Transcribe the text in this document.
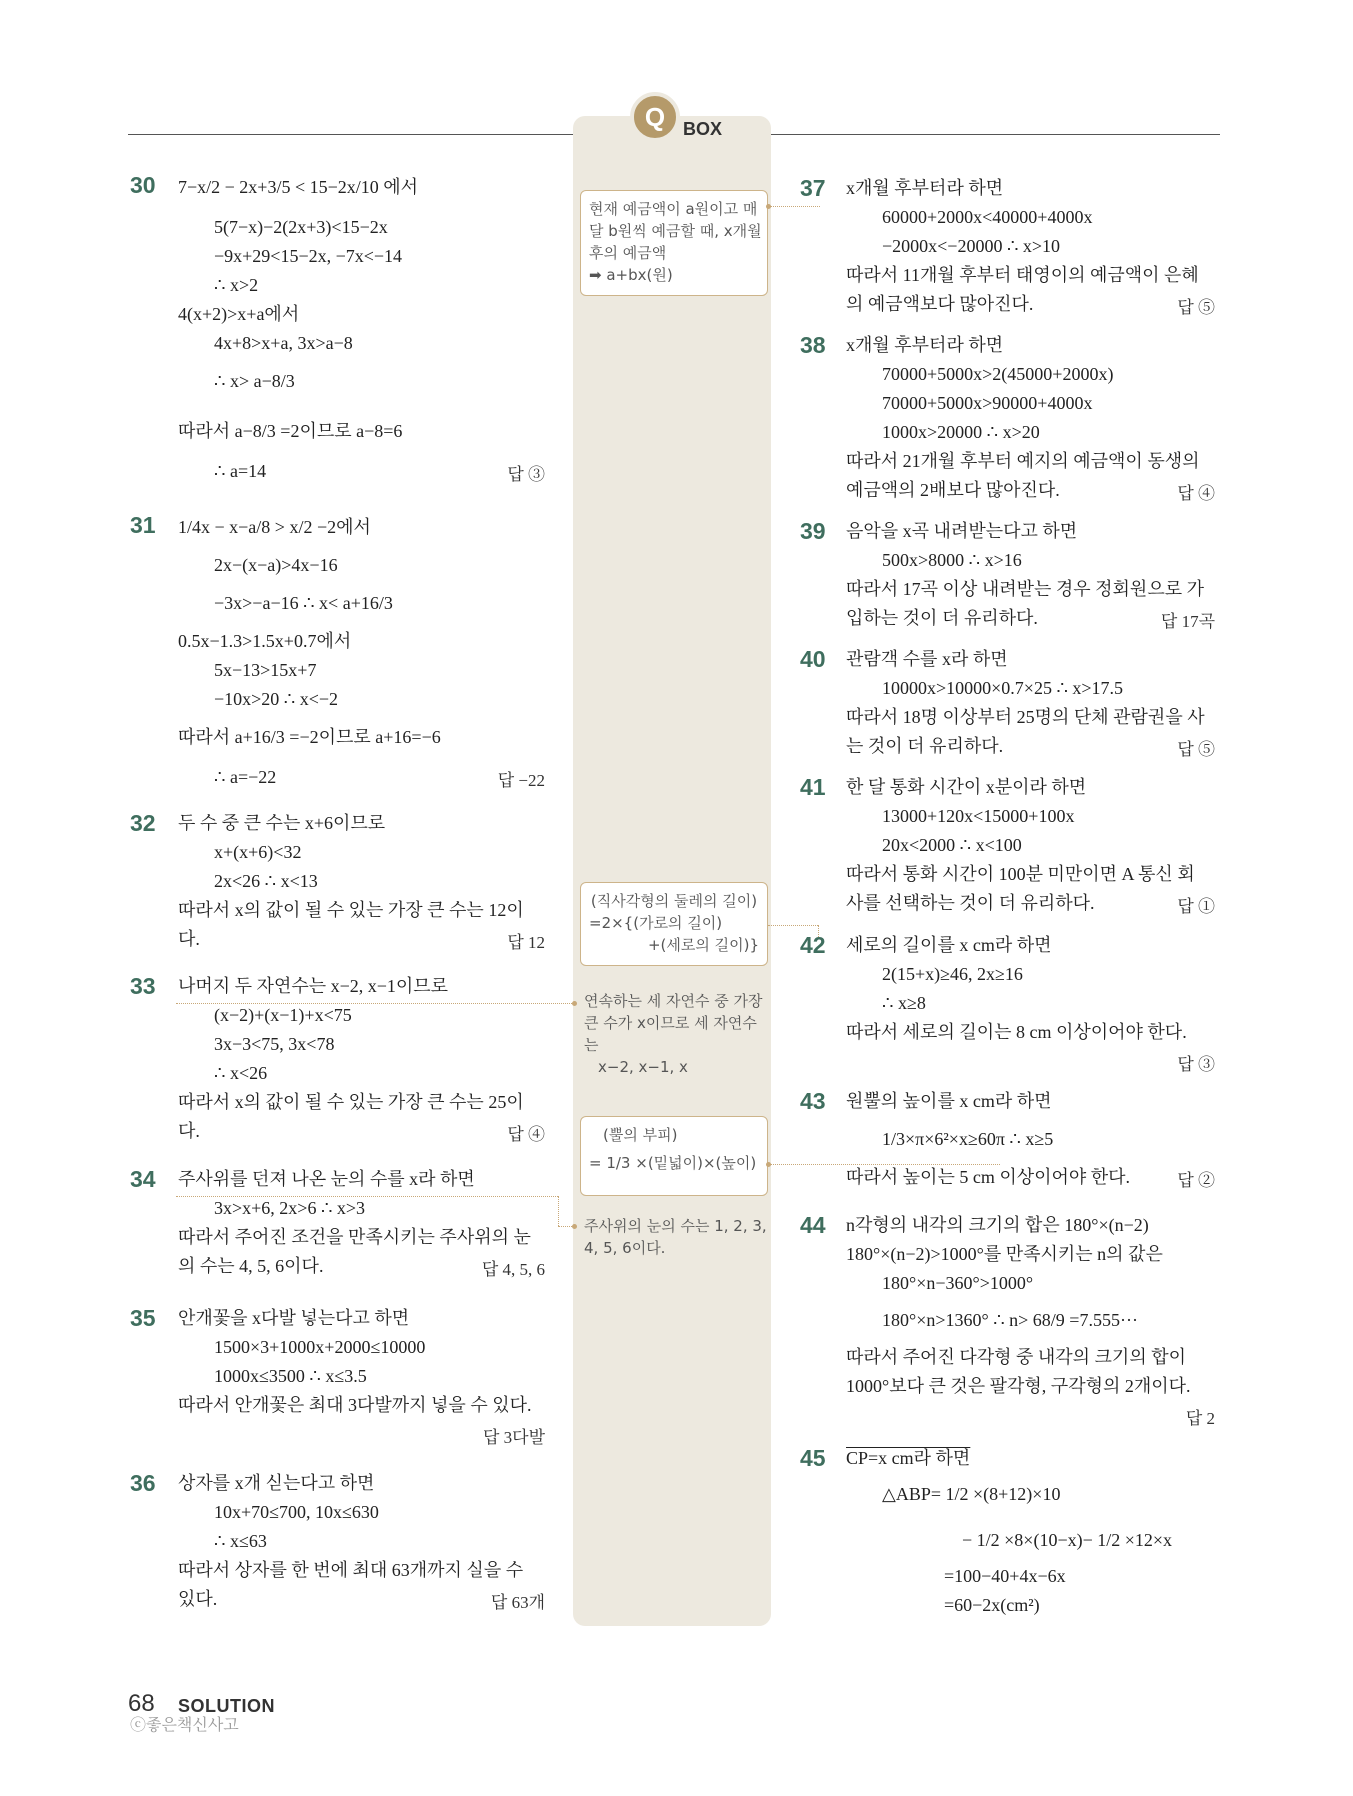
Q BOX
현재 예금액이 a원이고 매
달 b원씩 예금할 때, x개월
후의 예금액
➡ a+bx(원)
(직사각형의 둘레의 길이)
=2×{(가로의 길이)
+(세로의 길이)}
연속하는 세 자연수 중 가장
큰 수가 x이므로 세 자연수
는
x−2, x−1, x
(뿔의 부피)
= 1/3 ×(밑넓이)×(높이)
주사위의 눈의 수는 1, 2, 3,
4, 5, 6이다.
30 7−x/2 − 2x+3/5 < 15−2x/10 에서
5(7−x)−2(2x+3)<15−2x
−9x+29<15−2x, −7x<−14
∴ x>2
4(x+2)>x+a에서
4x+8>x+a, 3x>a−8
∴ x> a−8/3
따라서 a−8/3 =2이므로 a−8=6
∴ a=14	답 ③
31 1/4x − x−a/8 > x/2 −2에서
2x−(x−a)>4x−16
−3x>−a−16 ∴ x< a+16/3
0.5x−1.3>1.5x+0.7에서
5x−13>15x+7
−10x>20 ∴ x<−2
따라서 a+16/3 =−2이므로 a+16=−6
∴ a=−22	답 −22
32 두 수 중 큰 수는 x+6이므로
x+(x+6)<32
2x<26 ∴ x<13
따라서 x의 값이 될 수 있는 가장 큰 수는 12이
다.	답 12
33 나머지 두 자연수는 x−2, x−1이므로
(x−2)+(x−1)+x<75
3x−3<75, 3x<78
∴ x<26
따라서 x의 값이 될 수 있는 가장 큰 수는 25이
다.	답 ④
34 주사위를 던져 나온 눈의 수를 x라 하면
3x>x+6, 2x>6 ∴ x>3
따라서 주어진 조건을 만족시키는 주사위의 눈
의 수는 4, 5, 6이다.	답 4, 5, 6
35 안개꽃을 x다발 넣는다고 하면
1500×3+1000x+2000≤10000
1000x≤3500 ∴ x≤3.5
따라서 안개꽃은 최대 3다발까지 넣을 수 있다.
답 3다발
36 상자를 x개 싣는다고 하면
10x+70≤700, 10x≤630
∴ x≤63
따라서 상자를 한 번에 최대 63개까지 실을 수
있다.	답 63개
37 x개월 후부터라 하면
60000+2000x<40000+4000x
−2000x<−20000 ∴ x>10
따라서 11개월 후부터 태영이의 예금액이 은혜
의 예금액보다 많아진다.	답 ⑤
38 x개월 후부터라 하면
70000+5000x>2(45000+2000x)
70000+5000x>90000+4000x
1000x>20000 ∴ x>20
따라서 21개월 후부터 예지의 예금액이 동생의
예금액의 2배보다 많아진다.	답 ④
39 음악을 x곡 내려받는다고 하면
500x>8000 ∴ x>16
따라서 17곡 이상 내려받는 경우 정회원으로 가
입하는 것이 더 유리하다.	답 17곡
40 관람객 수를 x라 하면
10000x>10000×0.7×25 ∴ x>17.5
따라서 18명 이상부터 25명의 단체 관람권을 사
는 것이 더 유리하다.	답 ⑤
41 한 달 통화 시간이 x분이라 하면
13000+120x<15000+100x
20x<2000 ∴ x<100
따라서 통화 시간이 100분 미만이면 A 통신 회
사를 선택하는 것이 더 유리하다.	답 ①
42 세로의 길이를 x cm라 하면
2(15+x)≥46, 2x≥16
∴ x≥8
따라서 세로의 길이는 8 cm 이상이어야 한다.
답 ③
43 원뿔의 높이를 x cm라 하면
1/3×π×6²×x≥60π ∴ x≥5
따라서 높이는 5 cm 이상이어야 한다.	답 ②
44 n각형의 내각의 크기의 합은 180°×(n−2)
180°×(n−2)>1000°를 만족시키는 n의 값은
180°×n−360°>1000°
180°×n>1360° ∴ n> 68/9 =7.555···
따라서 주어진 다각형 중 내각의 크기의 합이
1000°보다 큰 것은 팔각형, 구각형의 2개이다.
답 2
45 CP=x cm라 하면
△ABP= 1/2 ×(8+12)×10
− 1/2 ×8×(10−x)− 1/2 ×12×x
=100−40+4x−6x
=60−2x(cm²)
68 SOLUTION
ⓒ좋은책신사고
